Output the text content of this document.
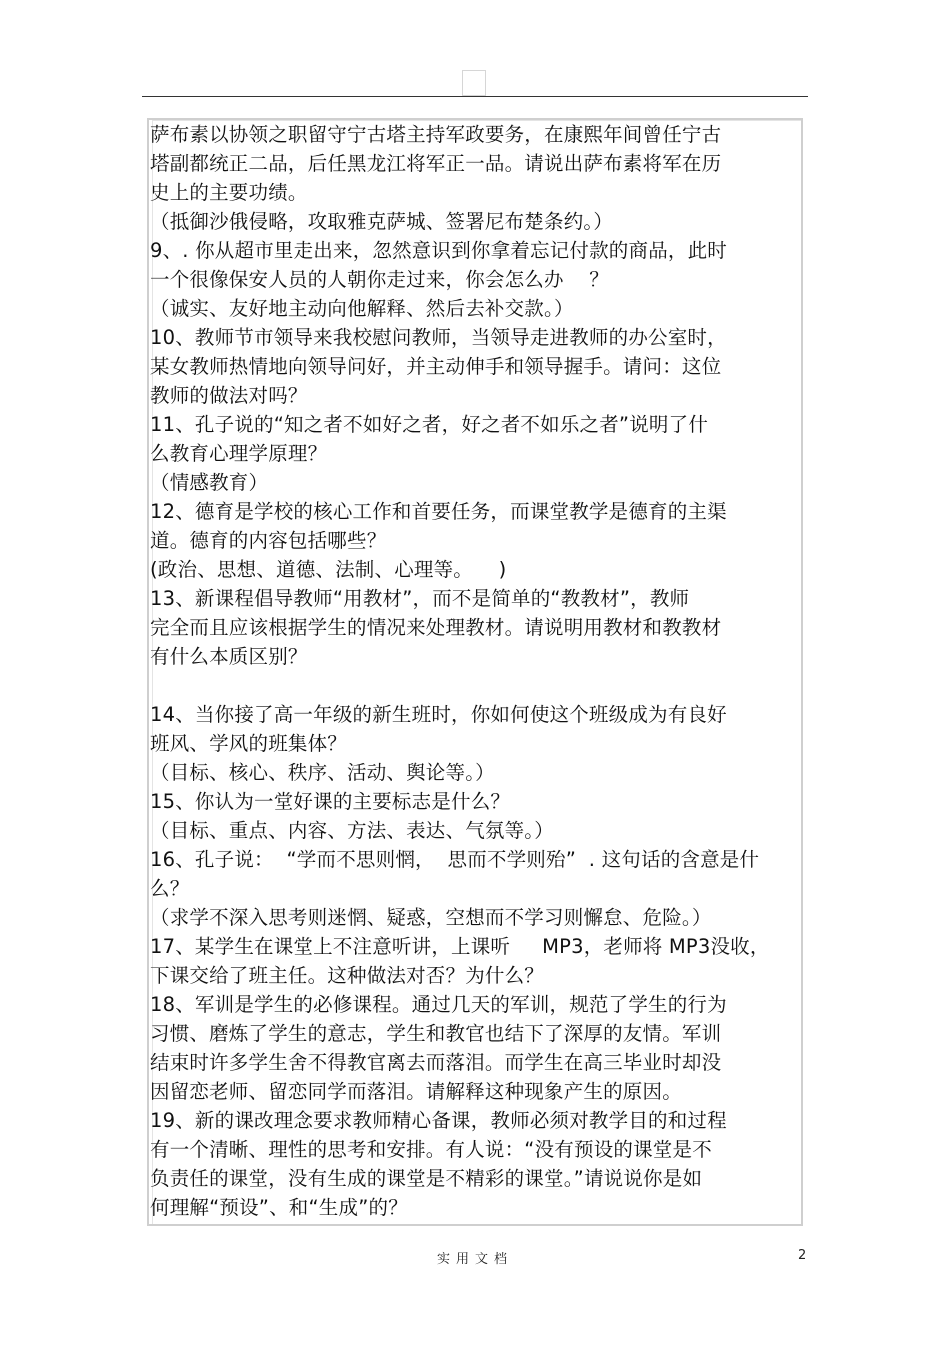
萨布素以协领之职留守宁古塔主持军政要务，在康熙年间曾任宁古
塔副都统正二品，后任黑龙江将军正一品。请说出萨布素将军在历
史上的主要功绩。
（抵御沙俄侵略，攻取雅克萨城、签署尼布楚条约。）
9、. 你从超市里走出来，忽然意识到你拿着忘记付款的商品，此时
一个很像保安人员的人朝你走过来，你会怎么办    ？
（诚实、友好地主动向他解释、然后去补交款。）
10、教师节市领导来我校慰问教师，当领导走进教师的办公室时，
某女教师热情地向领导问好，并主动伸手和领导握手。请问：这位
教师的做法对吗？
11、孔子说的“知之者不如好之者，好之者不如乐之者”说明了什
么教育心理学原理？
（情感教育）
12、德育是学校的核心工作和首要任务，而课堂教学是德育的主渠
道。德育的内容包括哪些？
(政治、思想、道德、法制、心理等。    )
13、新课程倡导教师“用教材”，而不是简单的“教教材”，教师
完全而且应该根据学生的情况来处理教材。请说明用教材和教教材
有什么本质区别？
14、当你接了高一年级的新生班时，你如何使这个班级成为有良好
班风、学风的班集体？
（目标、核心、秩序、活动、舆论等。）
15、你认为一堂好课的主要标志是什么？
（目标、重点、内容、方法、表达、气氛等。）
16、孔子说：  “学而不思则惘，  思而不学则殆”  . 这句话的含意是什
么？
（求学不深入思考则迷惘、疑惑，空想而不学习则懈怠、危险。）
17、某学生在课堂上不注意听讲，上课听     MP3，老师将 MP3没收，
下课交给了班主任。这种做法对否？为什么？
18、军训是学生的必修课程。通过几天的军训，规范了学生的行为
习惯、磨炼了学生的意志，学生和教官也结下了深厚的友情。军训
结束时许多学生舍不得教官离去而落泪。而学生在高三毕业时却没
因留恋老师、留恋同学而落泪。请解释这种现象产生的原因。
19、新的课改理念要求教师精心备课，教师必须对教学目的和过程
有一个清晰、理性的思考和安排。有人说：“没有预设的课堂是不
负责任的课堂，没有生成的课堂是不精彩的课堂。”请说说你是如
何理解“预设”、和“生成”的？
实用文档	2
